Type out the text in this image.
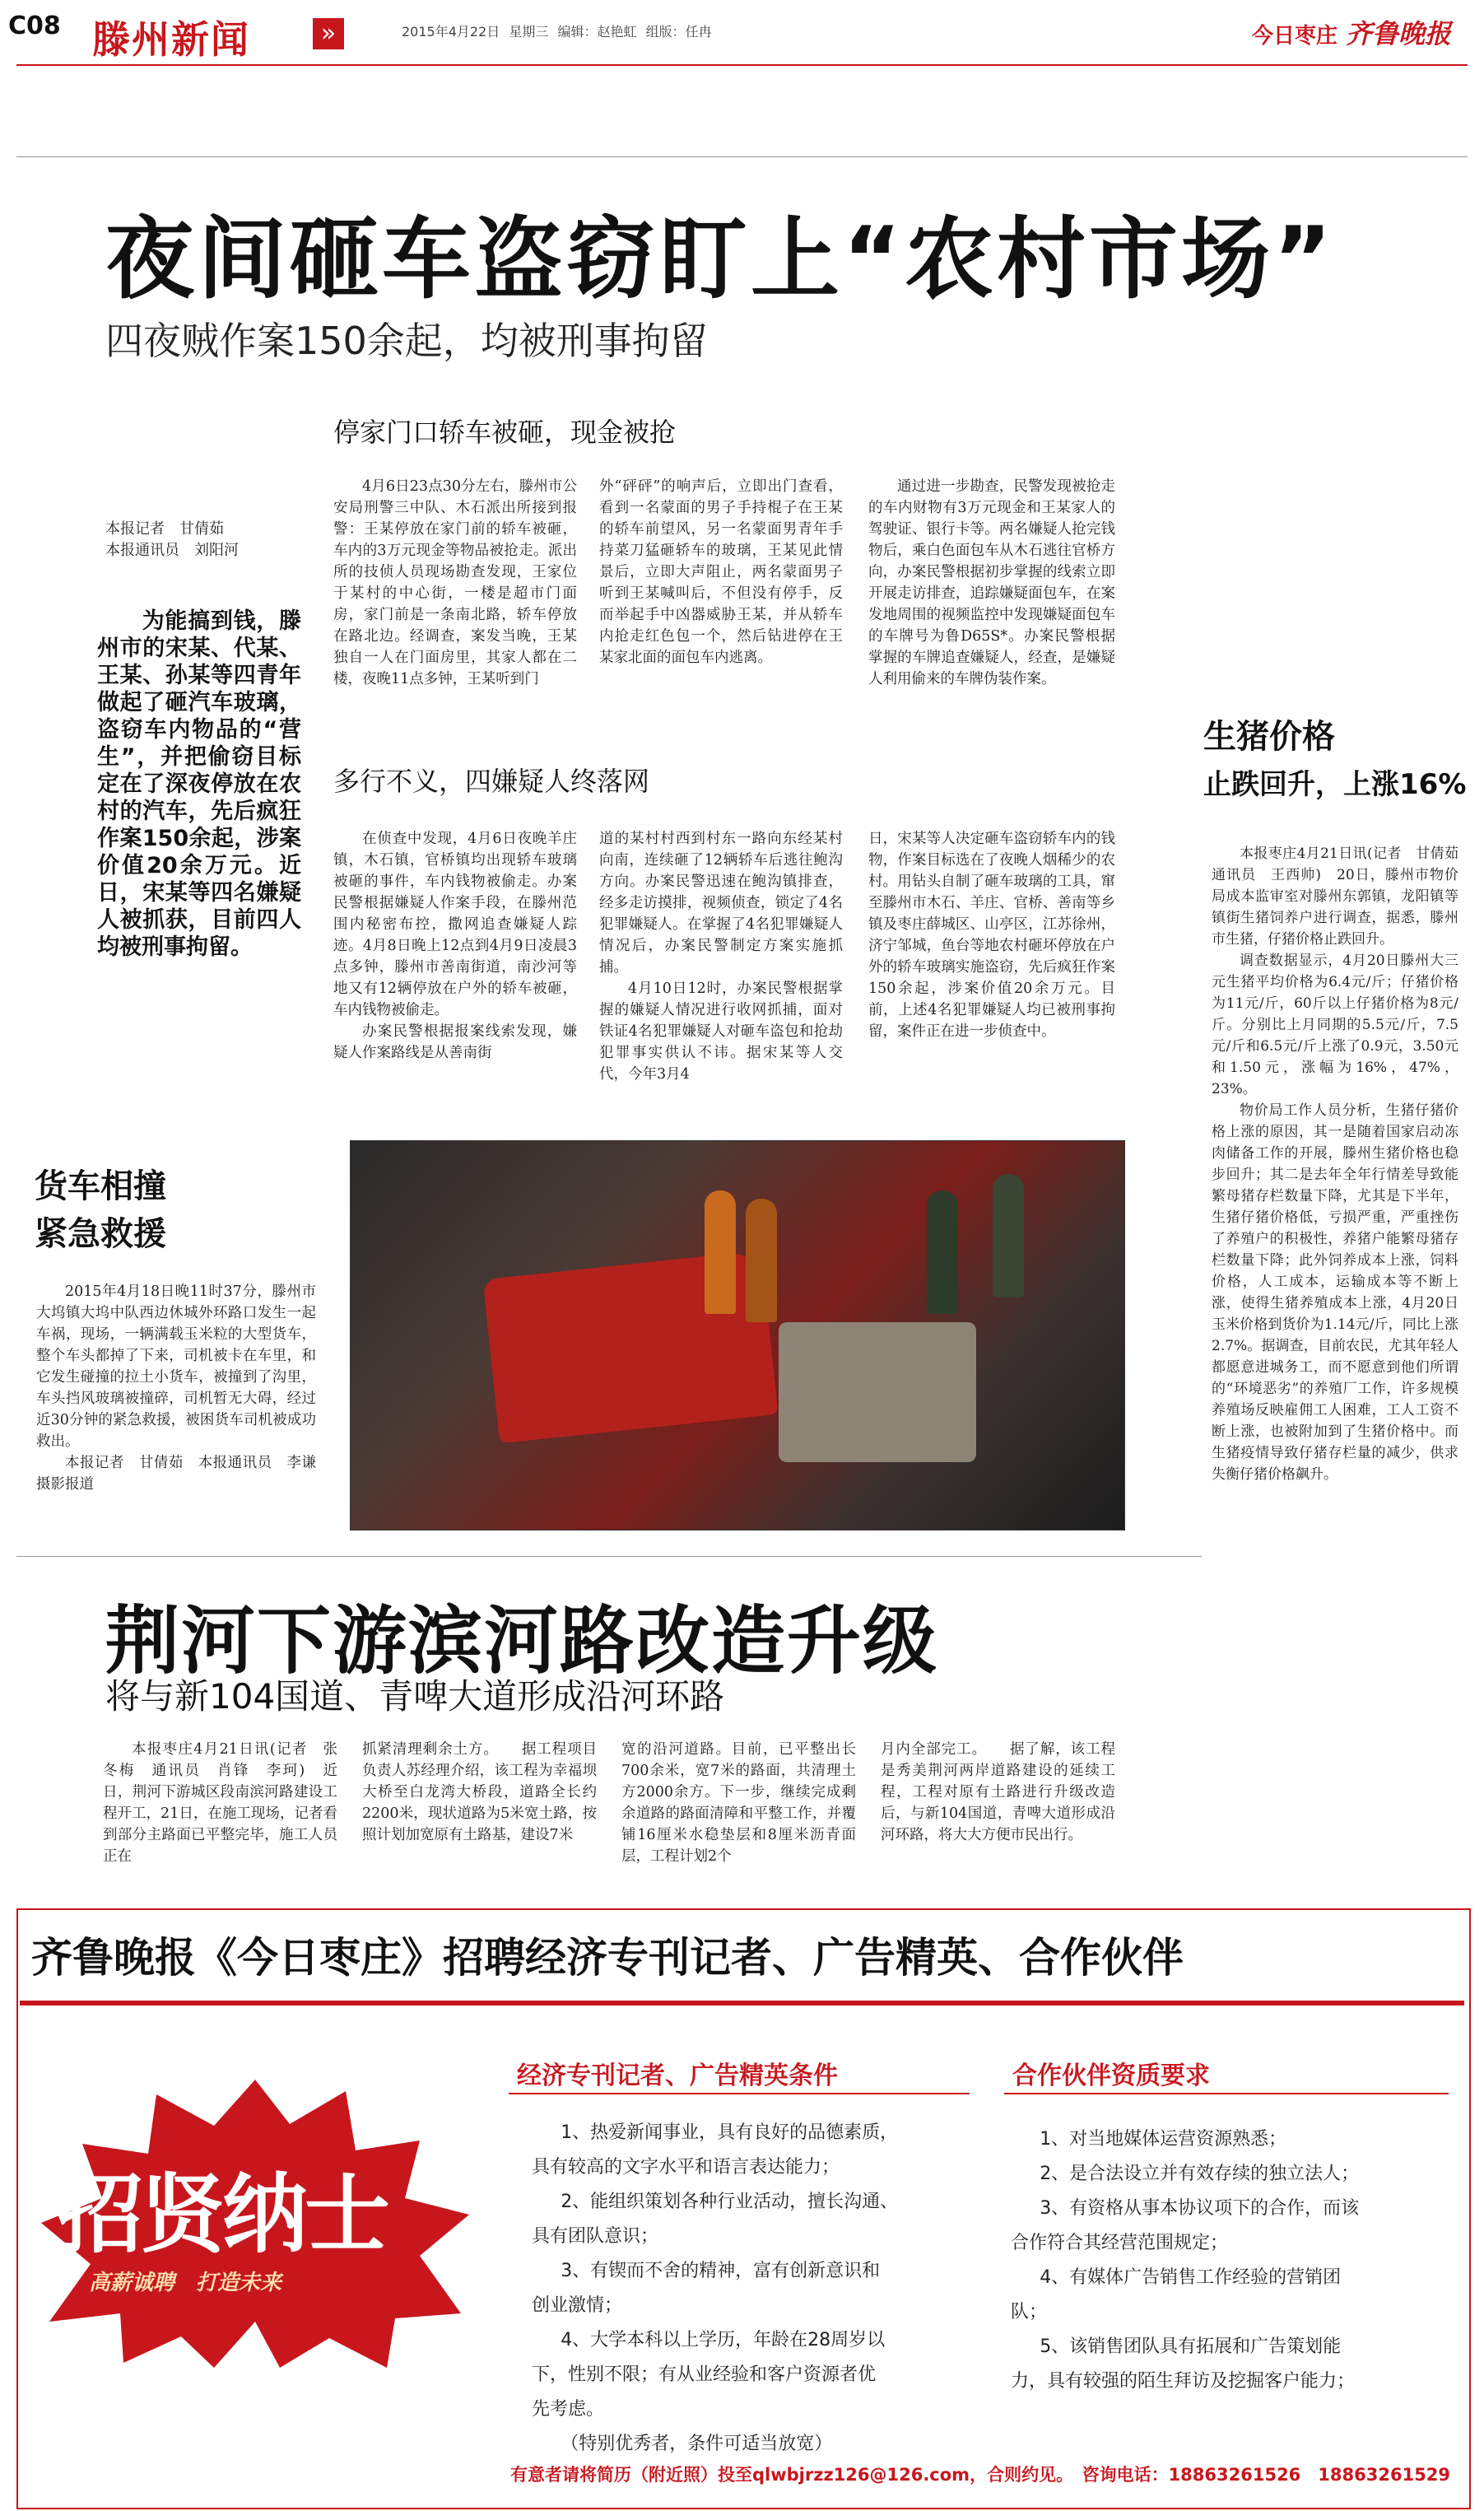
C08 滕州新闻	»	2015年4月22日 星期三 编辑：赵艳虹 组版：任冉	今日枣庄 齐鲁晚报
夜间砸车盗窃盯上“农村市场”
四夜贼作案150余起，均被刑事拘留
本报记者　甘倩茹
本报通讯员　刘阳河
为能搞到钱，滕州市的宋某、代某、王某、孙某等四青年做起了砸汽车玻璃，盗窃车内物品的“营生”，并把偷窃目标定在了深夜停放在农村的汽车，先后疯狂作案150余起，涉案价值20余万元。近日，宋某等四名嫌疑人被抓获，目前四人均被刑事拘留。
停家门口轿车被砸，现金被抢

4月6日23点30分左右，滕州市公安局刑警三中队、木石派出所接到报警：王某停放在家门前的轿车被砸，车内的3万元现金等物品被抢走。派出所的技侦人员现场勘查发现，王家位于某村的中心街，一楼是超市门面房，家门前是一条南北路，轿车停放在路北边。经调查，案发当晚，王某独自一人在门面房里，其家人都在二楼，夜晚11点多钟，王某听到门

外“砰砰”的响声后，立即出门查看，看到一名蒙面的男子手持棍子在王某的轿车前望风，另一名蒙面男青年手持菜刀猛砸轿车的玻璃，王某见此情景后，立即大声阻止，两名蒙面男子听到王某喊叫后，不但没有停手，反而举起手中凶器威胁王某，并从轿车内抢走红色包一个，然后钻进停在王某家北面的面包车内逃离。

通过进一步勘查，民警发现被抢走的车内财物有3万元现金和王某家人的驾驶证、银行卡等。两名嫌疑人抢完钱物后，乘白色面包车从木石逃往官桥方向，办案民警根据初步掌握的线索立即开展走访排查，追踪嫌疑面包车，在案发地周围的视频监控中发现嫌疑面包车的车牌号为鲁D65S*。办案民警根据掌握的车牌追查嫌疑人，经查，是嫌疑人利用偷来的车牌伪装作案。

多行不义，四嫌疑人终落网

在侦查中发现，4月6日夜晚羊庄镇，木石镇，官桥镇均出现轿车玻璃被砸的事件，车内钱物被偷走。办案民警根据嫌疑人作案手段，在滕州范围内秘密布控，撒网追查嫌疑人踪迹。4月8日晚上12点到4月9日凌晨3点多钟，滕州市善南街道，南沙河等地又有12辆停放在户外的轿车被砸，车内钱物被偷走。

办案民警根据报案线索发现，嫌疑人作案路线是从善南街

道的某村村西到村东一路向东经某村向南，连续砸了12辆轿车后逃往鲍沟方向。办案民警迅速在鲍沟镇排查，经多走访摸排，视频侦查，锁定了4名犯罪嫌疑人。在掌握了4名犯罪嫌疑人情况后，办案民警制定方案实施抓捕。

4月10日12时，办案民警根据掌握的嫌疑人情况进行收网抓捕，面对铁证4名犯罪嫌疑人对砸车盗包和抢劫犯罪事实供认不讳。据宋某等人交代，今年3月4

日，宋某等人决定砸车盗窃轿车内的钱物，作案目标选在了夜晚人烟稀少的农村。用钻头自制了砸车玻璃的工具，窜至滕州市木石、羊庄、官桥、善南等乡镇及枣庄薛城区、山亭区，江苏徐州，济宁邹城，鱼台等地农村砸坏停放在户外的轿车玻璃实施盗窃，先后疯狂作案150余起，涉案价值20余万元。目前，上述4名犯罪嫌疑人均已被刑事拘留，案件正在进一步侦查中。

生猪价格
止跌回升，上涨16%

本报枣庄4月21日讯(记者　甘倩茹　通讯员　王西帅)　20日，滕州市物价局成本监审室对滕州东郭镇，龙阳镇等镇街生猪饲养户进行调查，据悉，滕州市生猪，仔猪价格止跌回升。

调查数据显示，4月20日滕州大三元生猪平均价格为6.4元/斤；仔猪价格为11元/斤，60斤以上仔猪价格为8元/斤。分别比上月同期的5.5元/斤，7.5元/斤和6.5元/斤上涨了0.9元，3.50元和1.50元，涨幅为16%，47%，23%。

物价局工作人员分析，生猪仔猪价格上涨的原因，其一是随着国家启动冻肉储备工作的开展，滕州生猪价格也稳步回升；其二是去年全年行情差导致能繁母猪存栏数量下降，尤其是下半年，生猪仔猪价格低，亏损严重，严重挫伤了养殖户的积极性，养猪户能繁母猪存栏数量下降；此外饲养成本上涨，饲料价格，人工成本，运输成本等不断上涨，使得生猪养殖成本上涨，4月20日玉米价格到货价为1.14元/斤，同比上涨2.7%。据调查，目前农民，尤其年轻人都愿意进城务工，而不愿意到他们所谓的“环境恶劣”的养殖厂工作，许多规模养殖场反映雇佣工人困难，工人工资不断上涨，也被附加到了生猪价格中。而生猪疫情导致仔猪存栏量的减少，供求失衡仔猪价格飙升。

货车相撞
紧急救援

2015年4月18日晚11时37分，滕州市大坞镇大坞中队西边休城外环路口发生一起车祸，现场，一辆满载玉米粒的大型货车，整个车头都掉了下来，司机被卡在车里，和它发生碰撞的拉土小货车，被撞到了沟里，车头挡风玻璃被撞碎，司机暂无大碍，经过近30分钟的紧急救援，被困货车司机被成功救出。

本报记者　甘倩茹　本报通讯员　李谦　摄影报道

荆河下游滨河路改造升级
将与新104国道、青啤大道形成沿河环路

本报枣庄4月21日讯(记者　张冬梅　通讯员　肖锋　李珂)　近日，荆河下游城区段南滨河路建设工程开工，21日，在施工现场，记者看到部分主路面已平整完毕，施工人员正在

抓紧清理剩余土方。　　据工程项目负责人苏经理介绍，该工程为幸福坝大桥至白龙湾大桥段，道路全长约2200米，现状道路为5米宽土路，按照计划加宽原有土路基，建设7米

宽的沿河道路。目前，已平整出长700余米，宽7米的路面，共清理土方2000余方。下一步，继续完成剩余道路的路面清障和平整工作，并覆铺16厘米水稳垫层和8厘米沥青面层，工程计划2个

月内全部完工。　　据了解，该工程是秀美荆河两岸道路建设的延续工程，工程对原有土路进行升级改造后，与新104国道，青啤大道形成沿河环路，将大大方便市民出行。

齐鲁晚报《今日枣庄》招聘经济专刊记者、广告精英、合作伙伴
招贤纳士
高薪诚聘　打造未来
经济专刊记者、广告精英条件
1、热爱新闻事业，具有良好的品德素质，
具有较高的文字水平和语言表达能力；
2、能组织策划各种行业活动，擅长沟通、
具有团队意识；
3、有锲而不舍的精神，富有创新意识和
创业激情；
4、大学本科以上学历，年龄在28周岁以
下，性别不限；有从业经验和客户资源者优
先考虑。
（特别优秀者，条件可适当放宽）
合作伙伴资质要求
1、对当地媒体运营资源熟悉；
2、是合法设立并有效存续的独立法人；
3、有资格从事本协议项下的合作，而该
合作符合其经营范围规定；
4、有媒体广告销售工作经验的营销团
队；
5、该销售团队具有拓展和广告策划能
力，具有较强的陌生拜访及挖掘客户能力；
有意者请将简历（附近照）投至qlwbjrzz126@126.com，合则约见。　咨询电话：18863261526　18863261529
